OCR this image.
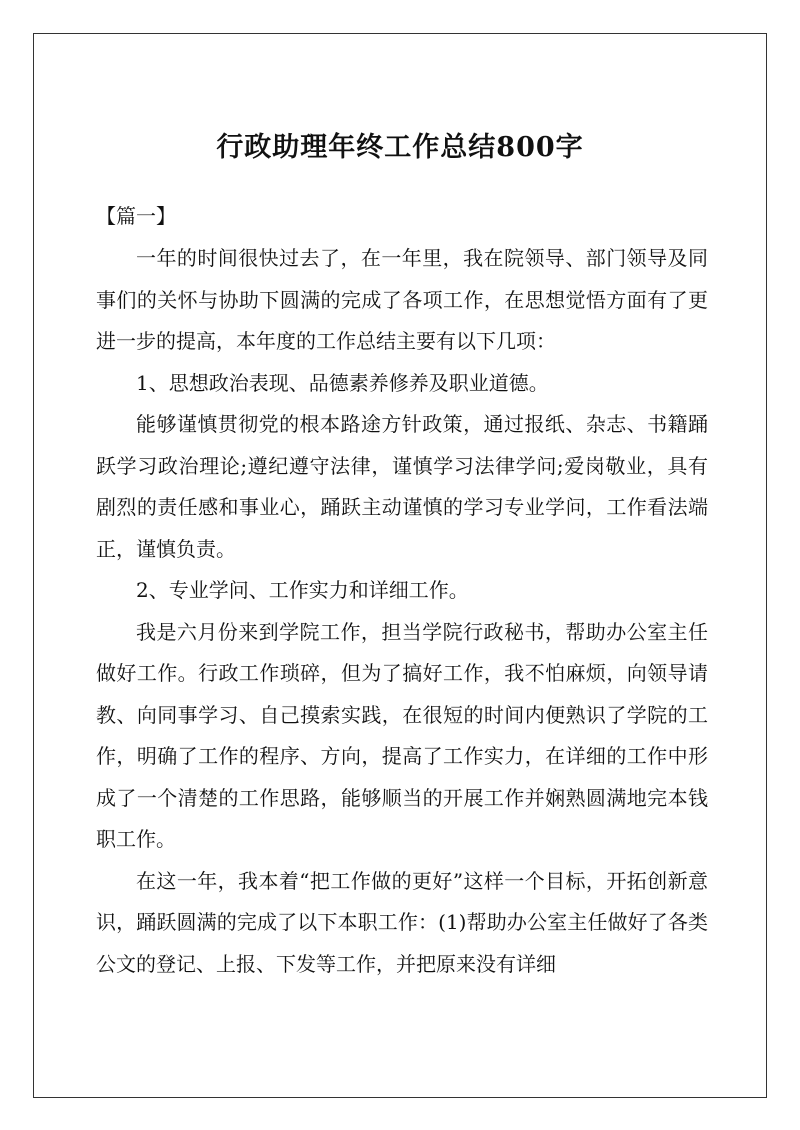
行政助理年终工作总结800字
【篇一】

一年的时间很快过去了，在一年里，我在院领导、部门领导及同事们的关怀与协助下圆满的完成了各项工作，在思想觉悟方面有了更进一步的提高，本年度的工作总结主要有以下几项：

1、思想政治表现、品德素养修养及职业道德。

能够谨慎贯彻党的根本路途方针政策，通过报纸、杂志、书籍踊跃学习政治理论;遵纪遵守法律，谨慎学习法律学问;爱岗敬业，具有剧烈的责任感和事业心，踊跃主动谨慎的学习专业学问，工作看法端正，谨慎负责。

2、专业学问、工作实力和详细工作。

我是六月份来到学院工作，担当学院行政秘书，帮助办公室主任做好工作。行政工作琐碎，但为了搞好工作，我不怕麻烦，向领导请教、向同事学习、自己摸索实践，在很短的时间内便熟识了学院的工作，明确了工作的程序、方向，提高了工作实力，在详细的工作中形成了一个清楚的工作思路，能够顺当的开展工作并娴熟圆满地完本钱职工作。

在这一年，我本着“把工作做的更好”这样一个目标，开拓创新意识，踊跃圆满的完成了以下本职工作：(1)帮助办公室主任做好了各类公文的登记、上报、下发等工作，并把原来没有详细
